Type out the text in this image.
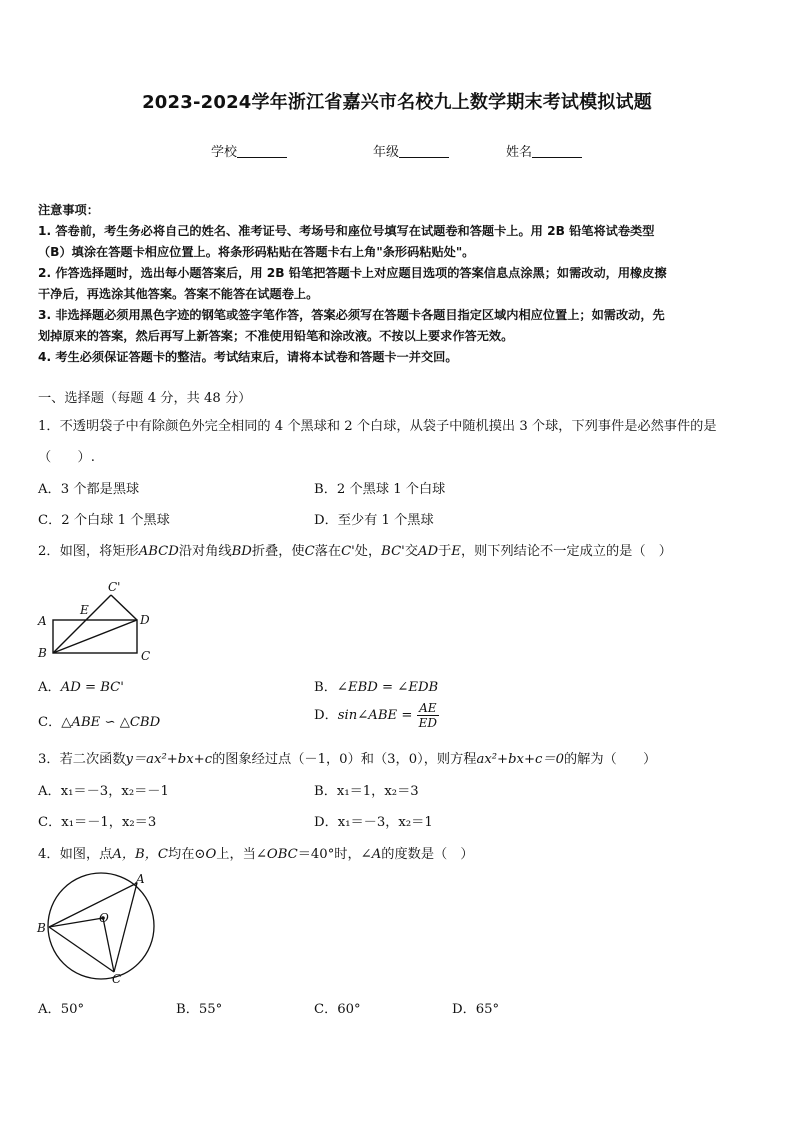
2023-2024学年浙江省嘉兴市名校九上数学期末考试模拟试题
学校	年级	姓名
注意事项：
1. 答卷前，考生务必将自己的姓名、准考证号、考场号和座位号填写在试题卷和答题卡上。用 2B 铅笔将试卷类型
（B）填涂在答题卡相应位置上。将条形码粘贴在答题卡右上角"条形码粘贴处"。
2. 作答选择题时，选出每小题答案后，用 2B 铅笔把答题卡上对应题目选项的答案信息点涂黑；如需改动，用橡皮擦
干净后，再选涂其他答案。答案不能答在试题卷上。
3. 非选择题必须用黑色字迹的钢笔或签字笔作答，答案必须写在答题卡各题目指定区域内相应位置上；如需改动，先
划掉原来的答案，然后再写上新答案；不准使用铅笔和涂改液。不按以上要求作答无效。
4. 考生必须保证答题卡的整洁。考试结束后，请将本试卷和答题卡一并交回。
一、选择题（每题 4 分，共 48 分）
1．不透明袋子中有除颜色外完全相同的 4 个黑球和 2 个白球，从袋子中随机摸出 3 个球，下列事件是必然事件的是
（　　）.
A．3 个都是黑球	B．2 个黑球 1 个白球
C．2 个白球 1 个黑球	D．至少有 1 个黑球
2．如图，将矩形ABCD沿对角线BD折叠，使C落在C'处，BC'交AD于E，则下列结论不一定成立的是（　）
C'
E
A	D
B	C
A．AD = BC'	B．∠EBD = ∠EDB
C．△ABE ∽ △CBD	D．sin∠ABE = $\frac{AE}{ED}$
3．若二次函数y＝ax²+bx+c的图象经过点（－1，0）和（3，0），则方程ax²+bx+c＝0的解为（　　）
A．x₁＝－3，x₂＝－1	B．x₁＝1，x₂＝3
C．x₁＝－1，x₂＝3	D．x₁＝－3，x₂＝1
4．如图，点A，B，C均在⊙O上，当∠OBC＝40°时，∠A的度数是（　）
A
O
B
C
A．50°	B．55°	C．60°	D．65°
